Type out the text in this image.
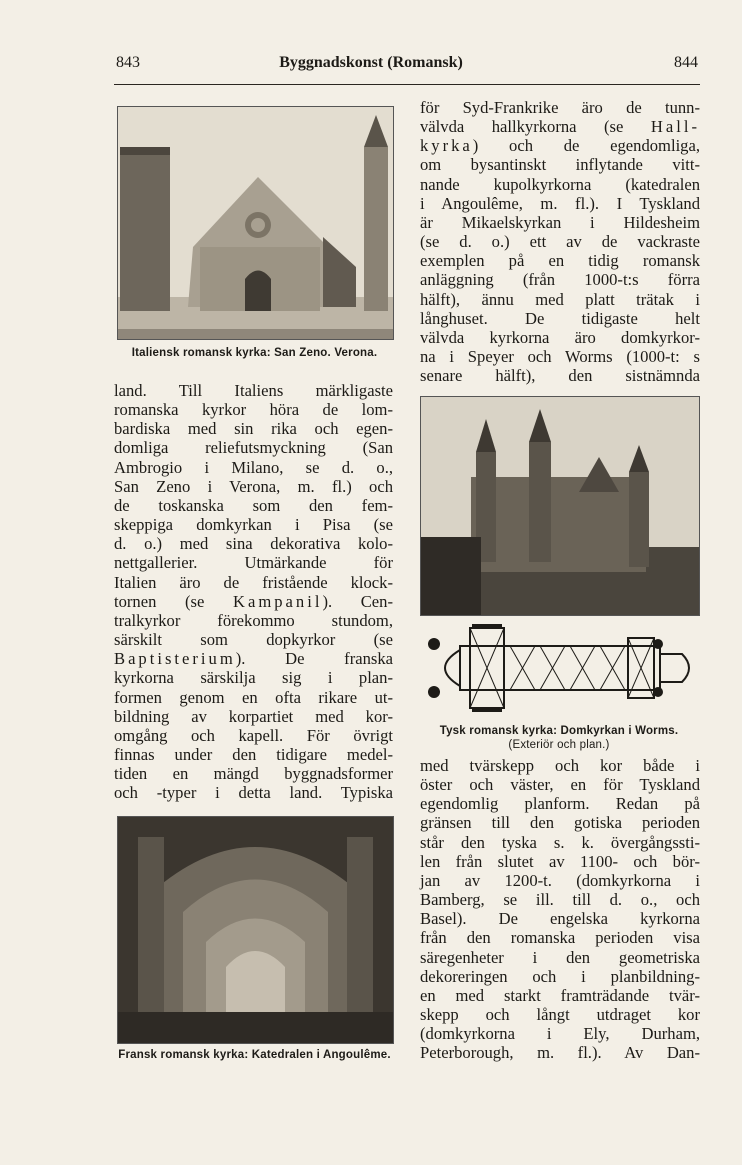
Byggnadskonst (Romansk)
843	844
Italiensk romansk kyrka: San Zeno. Verona.

land. Till Italiens märkligaste

romanska kyrkor höra de lom-

bardiska med sin rika och egen-

domliga reliefutsmyckning (San

Ambrogio i Milano, se d. o.,

San Zeno i Verona, m. fl.) och

de toskanska som den fem-

skeppiga domkyrkan i Pisa (se

d. o.) med sina dekorativa kolo-

nettgallerier. Utmärkande för

Italien äro de fristående klock-

tornen (se Kampanil). Cen-

tralkyrkor förekommo stundom,

särskilt som dopkyrkor (se

Baptisterium). De franska

kyrkorna särskilja sig i plan-

formen genom en ofta rikare ut-

bildning av korpartiet med kor-

omgång och kapell. För övrigt

finnas under den tidigare medel-

tiden en mängd byggnadsformer

och -typer i detta land. Typiska

Fransk romansk kyrka: Katedralen i Angoulême.

för Syd-Frankrike äro de tunn-

välvda hallkyrkorna (se Hall-

kyrka) och de egendomliga,

om bysantinskt inflytande vitt-

nande kupolkyrkorna (katedralen

i Angoulême, m. fl.). I Tyskland

är Mikaelskyrkan i Hildesheim

(se d. o.) ett av de vackraste

exemplen på en tidig romansk

anläggning (från 1000-t:s förra

hälft), ännu med platt trätak i

långhuset. De tidigaste helt

välvda kyrkorna äro domkyrkor-

na i Speyer och Worms (1000-t: s

senare hälft), den sistnämnda

Tysk romansk kyrka: Domkyrkan i Worms.
(Exteriör och plan.)

med tvärskepp och kor både i

öster och väster, en för Tyskland

egendomlig planform. Redan på

gränsen till den gotiska perioden

står den tyska s. k. övergångssti-

len från slutet av 1100- och bör-

jan av 1200-t. (domkyrkorna i

Bamberg, se ill. till d. o., och

Basel). De engelska kyrkorna

från den romanska perioden visa

säregenheter i den geometriska

dekoreringen och i planbildning-

en med starkt framträdande tvär-

skepp och långt utdraget kor

(domkyrkorna i Ely, Durham,

Peterborough, m. fl.). Av Dan-
